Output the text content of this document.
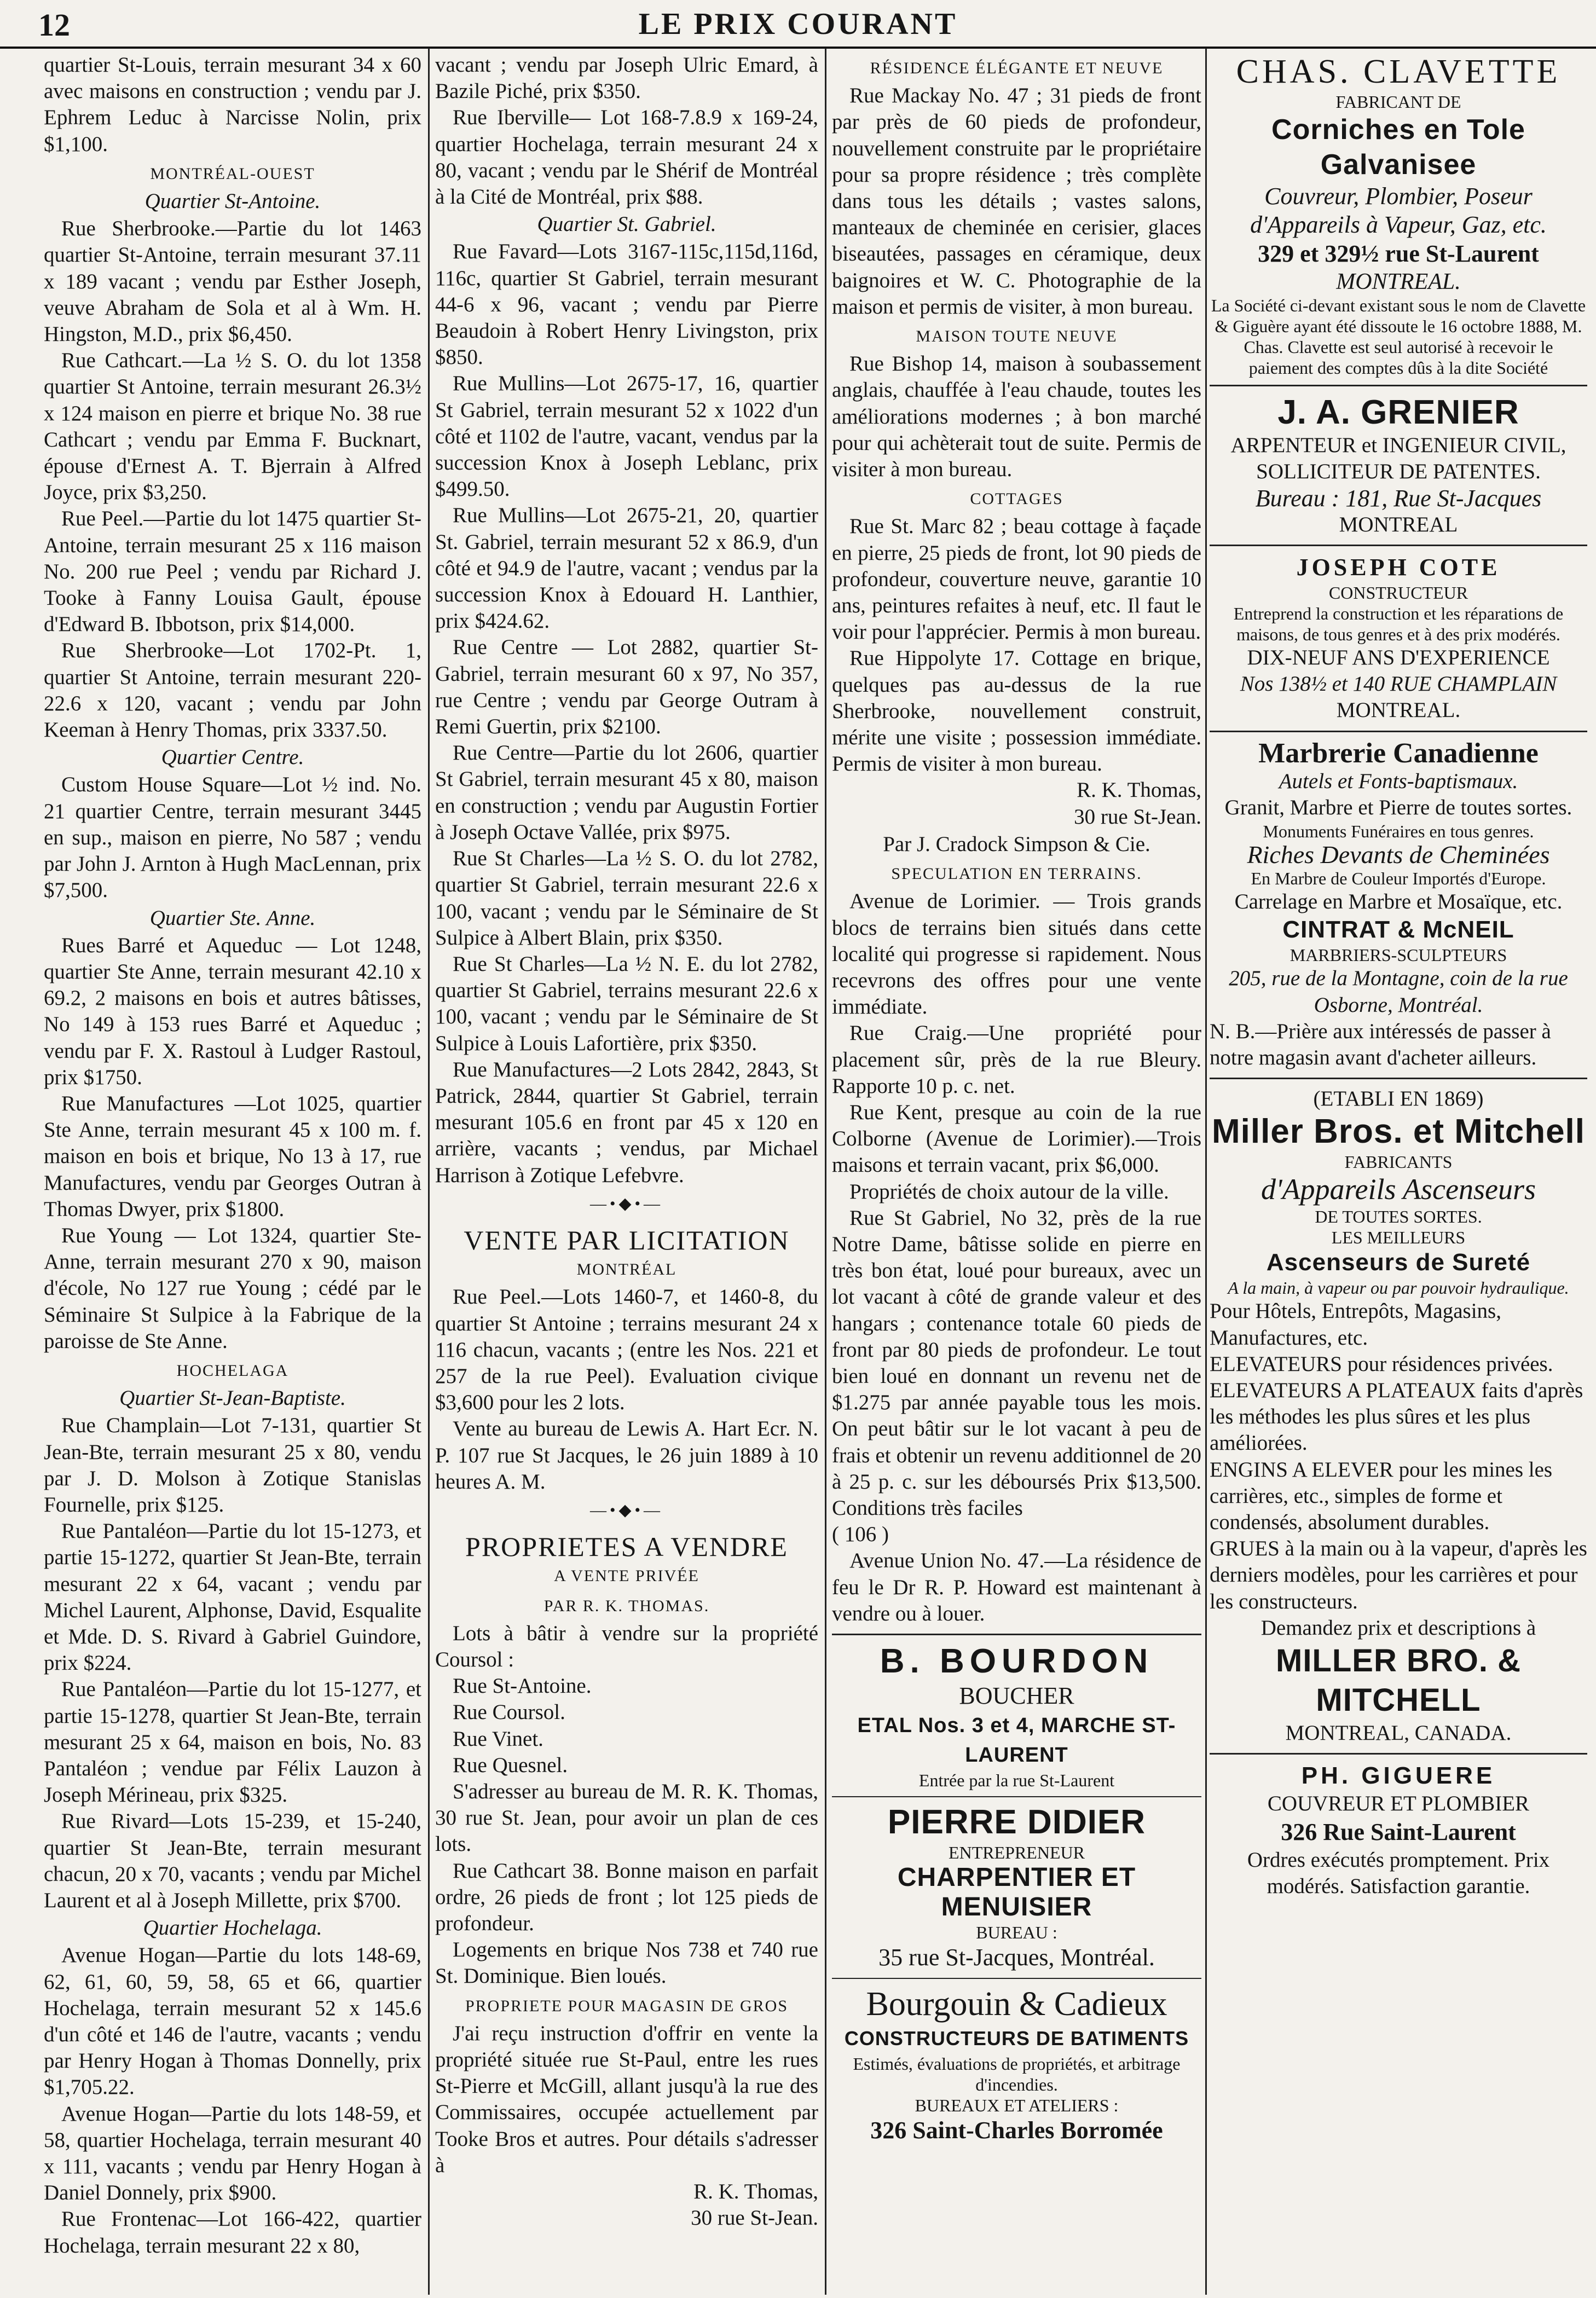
12	LE PRIX COURANT

quartier St-Louis, terrain mesurant 34 x 60 avec maisons en construction ; vendu par J. Ephrem Leduc à Narcisse Nolin, prix $1,100.

MONTRÉAL-OUEST
Quartier St-Antoine.

Rue Sherbrooke.—Partie du lot 1463 quartier St-Antoine, terrain mesurant 37.11 x 189 vacant ; vendu par Esther Joseph, veuve Abraham de Sola et al à Wm. H. Hingston, M.D., prix $6,450.

Rue Cathcart.—La ½ S. O. du lot 1358 quartier St Antoine, terrain mesurant 26.3½ x 124 maison en pierre et brique No. 38 rue Cathcart ; vendu par Emma F. Bucknart, épouse d'Ernest A. T. Bjerrain à Alfred Joyce, prix $3,250.

Rue Peel.—Partie du lot 1475 quartier St-Antoine, terrain mesurant 25 x 116 maison No. 200 rue Peel ; vendu par Richard J. Tooke à Fanny Louisa Gault, épouse d'Edward B. Ibbotson, prix $14,000.

Rue Sherbrooke—Lot 1702-Pt. 1, quartier St Antoine, terrain mesurant 220-22.6 x 120, vacant ; vendu par John Keeman à Henry Thomas, prix 3337.50.

Quartier Centre.

Custom House Square—Lot ½ ind. No. 21 quartier Centre, terrain mesurant 3445 en sup., maison en pierre, No 587 ; vendu par John J. Arnton à Hugh MacLennan, prix $7,500.

Quartier Ste. Anne.

Rues Barré et Aqueduc — Lot 1248, quartier Ste Anne, terrain mesurant 42.10 x 69.2, 2 maisons en bois et autres bâtisses, No 149 à 153 rues Barré et Aqueduc ; vendu par F. X. Rastoul à Ludger Rastoul, prix $1750.

Rue Manufactures —Lot 1025, quartier Ste Anne, terrain mesurant 45 x 100 m. f. maison en bois et brique, No 13 à 17, rue Manufactures, vendu par Georges Outran à Thomas Dwyer, prix $1800.

Rue Young — Lot 1324, quartier Ste-Anne, terrain mesurant 270 x 90, maison d'école, No 127 rue Young ; cédé par le Séminaire St Sulpice à la Fabrique de la paroisse de Ste Anne.

HOCHELAGA
Quartier St-Jean-Baptiste.

Rue Champlain—Lot 7-131, quartier St Jean-Bte, terrain mesurant 25 x 80, vendu par J. D. Molson à Zotique Stanislas Fournelle, prix $125.

Rue Pantaléon—Partie du lot 15-1273, et partie 15-1272, quartier St Jean-Bte, terrain mesurant 22 x 64, vacant ; vendu par Michel Laurent, Alphonse, David, Esqualite et Mde. D. S. Rivard à Gabriel Guindore, prix $224.

Rue Pantaléon—Partie du lot 15-1277, et partie 15-1278, quartier St Jean-Bte, terrain mesurant 25 x 64, maison en bois, No. 83 Pantaléon ; vendue par Félix Lauzon à Joseph Mérineau, prix $325.

Rue Rivard—Lots 15-239, et 15-240, quartier St Jean-Bte, terrain mesurant chacun, 20 x 70, vacants ; vendu par Michel Laurent et al à Joseph Millette, prix $700.

Quartier Hochelaga.

Avenue Hogan—Partie du lots 148-69, 62, 61, 60, 59, 58, 65 et 66, quartier Hochelaga, terrain mesurant 52 x 145.6 d'un côté et 146 de l'autre, vacants ; vendu par Henry Hogan à Thomas Donnelly, prix $1,705.22.

Avenue Hogan—Partie du lots 148-59, et 58, quartier Hochelaga, terrain mesurant 40 x 111, vacants ; vendu par Henry Hogan à Daniel Donnely, prix $900.

Rue Frontenac—Lot 166-422, quartier Hochelaga, terrain mesurant 22 x 80,

vacant ; vendu par Joseph Ulric Emard, à Bazile Piché, prix $350.

Rue Iberville— Lot 168-7.8.9 x 169-24, quartier Hochelaga, terrain mesurant 24 x 80, vacant ; vendu par le Shérif de Montréal à la Cité de Montréal, prix $88.

Quartier St. Gabriel.

Rue Favard—Lots 3167-115c,115d,116d, 116c, quartier St Gabriel, terrain mesurant 44-6 x 96, vacant ; vendu par Pierre Beaudoin à Robert Henry Livingston, prix $850.

Rue Mullins—Lot 2675-17, 16, quartier St Gabriel, terrain mesurant 52 x 1022 d'un côté et 1102 de l'autre, vacant, vendus par la succession Knox à Joseph Leblanc, prix $499.50.

Rue Mullins—Lot 2675-21, 20, quartier St. Gabriel, terrain mesurant 52 x 86.9, d'un côté et 94.9 de l'autre, vacant ; vendus par la succession Knox à Edouard H. Lanthier, prix $424.62.

Rue Centre — Lot 2882, quartier St-Gabriel, terrain mesurant 60 x 97, No 357, rue Centre ; vendu par George Outram à Remi Guertin, prix $2100.

Rue Centre—Partie du lot 2606, quartier St Gabriel, terrain mesurant 45 x 80, maison en construction ; vendu par Augustin Fortier à Joseph Octave Vallée, prix $975.

Rue St Charles—La ½ S. O. du lot 2782, quartier St Gabriel, terrain mesurant 22.6 x 100, vacant ; vendu par le Séminaire de St Sulpice à Albert Blain, prix $350.

Rue St Charles—La ½ N. E. du lot 2782, quartier St Gabriel, terrains mesurant 22.6 x 100, vacant ; vendu par le Séminaire de St Sulpice à Louis Lafortière, prix $350.

Rue Manufactures—2 Lots 2842, 2843, St Patrick, 2844, quartier St Gabriel, terrain mesurant 105.6 en front par 45 x 120 en arrière, vacants ; vendus, par Michael Harrison à Zotique Lefebvre.

—•◆•—
VENTE PAR LICITATION
MONTRÉAL

Rue Peel.—Lots 1460-7, et 1460-8, du quartier St Antoine ; terrains mesurant 24 x 116 chacun, vacants ; (entre les Nos. 221 et 257 de la rue Peel). Evaluation civique $3,600 pour les 2 lots.

Vente au bureau de Lewis A. Hart Ecr. N. P. 107 rue St Jacques, le 26 juin 1889 à 10 heures A. M.

—•◆•—
PROPRIETES A VENDRE
A VENTE PRIVÉE
PAR R. K. THOMAS.

Lots à bâtir à vendre sur la propriété Coursol :

Rue St-Antoine.

Rue Coursol.

Rue Vinet.

Rue Quesnel.

S'adresser au bureau de M. R. K. Thomas, 30 rue St. Jean, pour avoir un plan de ces lots.

Rue Cathcart 38. Bonne maison en parfait ordre, 26 pieds de front ; lot 125 pieds de profondeur.

Logements en brique Nos 738 et 740 rue St. Dominique. Bien loués.

PROPRIETE POUR MAGASIN DE GROS

J'ai reçu instruction d'offrir en vente la propriété située rue St-Paul, entre les rues St-Pierre et McGill, allant jusqu'à la rue des Commissaires, occupée actuellement par Tooke Bros et autres. Pour détails s'adresser à

R. K. Thomas,

30 rue St-Jean.

RÉSIDENCE ÉLÉGANTE ET NEUVE

Rue Mackay No. 47 ; 31 pieds de front par près de 60 pieds de profondeur, nouvellement construite par le propriétaire pour sa propre résidence ; très complète dans tous les détails ; vastes salons, manteaux de cheminée en cerisier, glaces biseautées, passages en céramique, deux baignoires et W. C. Photographie de la maison et permis de visiter, à mon bureau.

MAISON TOUTE NEUVE

Rue Bishop 14, maison à soubassement anglais, chauffée à l'eau chaude, toutes les améliorations modernes ; à bon marché pour qui achèterait tout de suite. Permis de visiter à mon bureau.

COTTAGES

Rue St. Marc 82 ; beau cottage à façade en pierre, 25 pieds de front, lot 90 pieds de profondeur, couverture neuve, garantie 10 ans, peintures refaites à neuf, etc. Il faut le voir pour l'apprécier. Permis à mon bureau.

Rue Hippolyte 17. Cottage en brique, quelques pas au-dessus de la rue Sherbrooke, nouvellement construit, mérite une visite ; possession immédiate. Permis de visiter à mon bureau.

R. K. Thomas,

30 rue St-Jean.

Par J. Cradock Simpson & Cie.
SPECULATION EN TERRAINS.

Avenue de Lorimier. — Trois grands blocs de terrains bien situés dans cette localité qui progresse si rapidement. Nous recevrons des offres pour une vente immédiate.

Rue Craig.—Une propriété pour placement sûr, près de la rue Bleury. Rapporte 10 p. c. net.

Rue Kent, presque au coin de la rue Colborne (Avenue de Lorimier).—Trois maisons et terrain vacant, prix $6,000.

Propriétés de choix autour de la ville.

Rue St Gabriel, No 32, près de la rue Notre Dame, bâtisse solide en pierre en très bon état, loué pour bureaux, avec un lot vacant à côté de grande valeur et des hangars ; contenance totale 60 pieds de front par 80 pieds de profondeur. Le tout bien loué en donnant un revenu net de $1.275 par année payable tous les mois. On peut bâtir sur le lot vacant à peu de frais et obtenir un revenu additionnel de 20 à 25 p. c. sur les déboursés Prix $13,500. Conditions très faciles

( 106 )

Avenue Union No. 47.—La résidence de feu le Dr R. P. Howard est maintenant à vendre ou à louer.

B. BOURDON
BOUCHER
ETAL Nos. 3 et 4, MARCHE ST-LAURENT
Entrée par la rue St-Laurent
PIERRE DIDIER
ENTREPRENEUR
CHARPENTIER ET MENUISIER
BUREAU :
35 rue St-Jacques, Montréal.
Bourgouin & Cadieux
CONSTRUCTEURS DE BATIMENTS
Estimés, évaluations de propriétés, et arbitrage d'incendies.
BUREAUX ET ATELIERS :
326 Saint-Charles Borromée
CHAS. CLAVETTE
FABRICANT DE
Corniches en Tole Galvanisee
Couvreur, Plombier, Poseur d'Appareils à Vapeur, Gaz, etc.
329 et 329½ rue St-Laurent
MONTREAL.
La Société ci-devant existant sous le nom de Clavette & Giguère ayant été dissoute le 16 octobre 1888, M. Chas. Clavette est seul autorisé à recevoir le paiement des comptes dûs à la dite Société
J. A. GRENIER
ARPENTEUR et INGENIEUR CIVIL,
SOLLICITEUR DE PATENTES.
Bureau : 181, Rue St-Jacques
MONTREAL
JOSEPH COTE
CONSTRUCTEUR
Entreprend la construction et les réparations de maisons, de tous genres et à des prix modérés.
DIX-NEUF ANS D'EXPERIENCE
Nos 138½ et 140 RUE CHAMPLAIN
MONTREAL.
Marbrerie Canadienne
Autels et Fonts-baptismaux.
Granit, Marbre et Pierre de toutes sortes.
Monuments Funéraires en tous genres.
Riches Devants de Cheminées
En Marbre de Couleur Importés d'Europe.
Carrelage en Marbre et Mosaïque, etc.
CINTRAT & McNEIL
MARBRIERS-SCULPTEURS
205, rue de la Montagne, coin de la rue Osborne, Montréal.
N. B.—Prière aux intéressés de passer à notre magasin avant d'acheter ailleurs.
(ETABLI EN 1869)
Miller Bros. et Mitchell
FABRICANTS
d'Appareils Ascenseurs
DE TOUTES SORTES.
LES MEILLEURS
Ascenseurs de Sureté
A la main, à vapeur ou par pouvoir hydraulique.
Pour Hôtels, Entrepôts, Magasins, Manufactures, etc.
ELEVATEURS pour résidences privées.
ELEVATEURS A PLATEAUX faits d'après les méthodes les plus sûres et les plus améliorées.
ENGINS A ELEVER pour les mines les carrières, etc., simples de forme et condensés, absolument durables.
GRUES à la main ou à la vapeur, d'après les derniers modèles, pour les carrières et pour les constructeurs.
Demandez prix et descriptions à
MILLER BRO. & MITCHELL
MONTREAL, CANADA.
PH. GIGUERE
COUVREUR ET PLOMBIER
326 Rue Saint-Laurent
Ordres exécutés promptement. Prix modérés. Satisfaction garantie.
